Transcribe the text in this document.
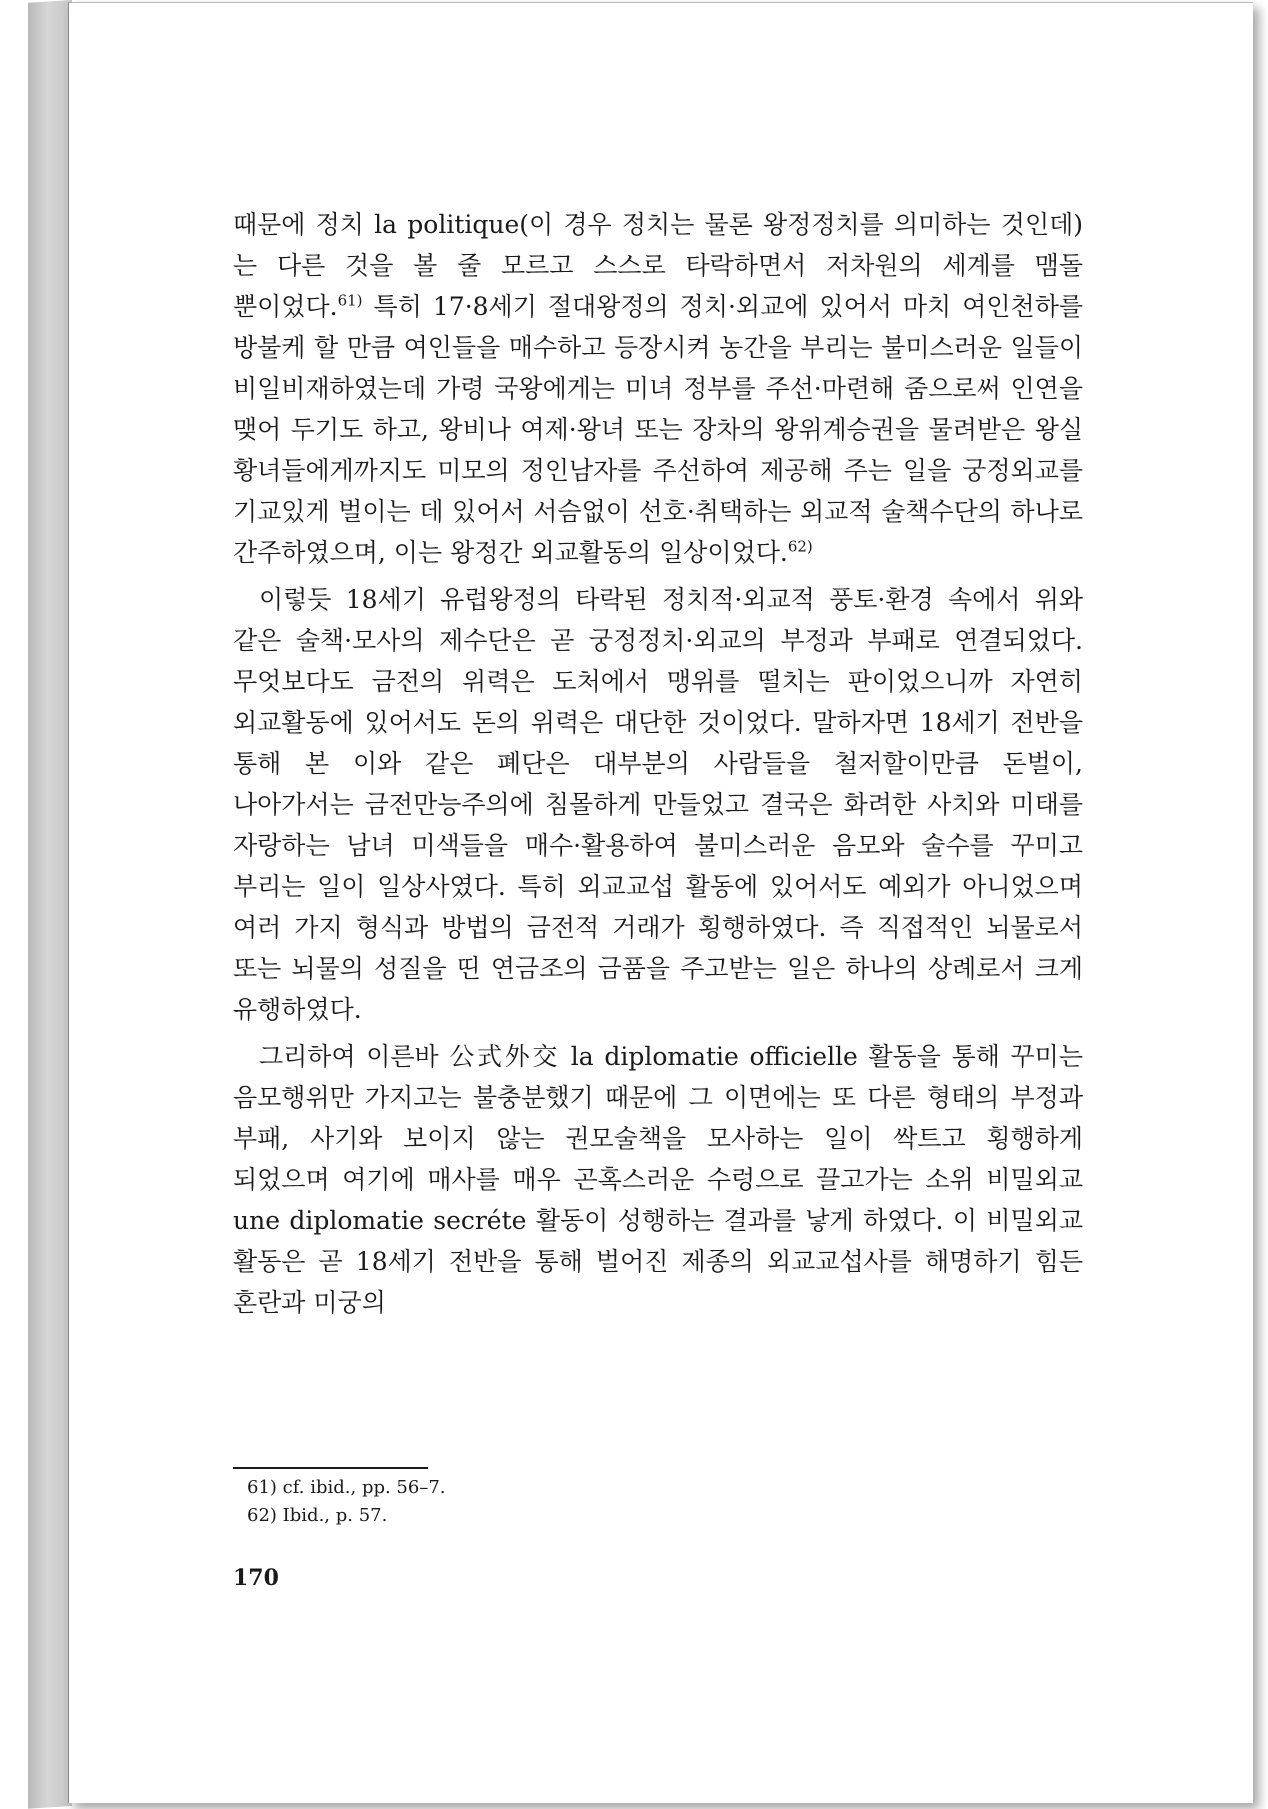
때문에 정치 la politique(이 경우 정치는 물론 왕정정치를 의미하는 것인데)는 다른 것을 볼 줄 모르고 스스로 타락하면서 저차원의 세계를 맴돌 뿐이었다.$^{61)}$ 특히 17·8세기 절대왕정의 정치·외교에 있어서 마치 여인천하를 방불케 할 만큼 여인들을 매수하고 등장시켜 농간을 부리는 불미스러운 일들이 비일비재하였는데 가령 국왕에게는 미녀 정부를 주선·마련해 줌으로써 인연을 맺어 두기도 하고, 왕비나 여제·왕녀 또는 장차의 왕위계승권을 물려받은 왕실 황녀들에게까지도 미모의 정인남자를 주선하여 제공해 주는 일을 궁정외교를 기교있게 벌이는 데 있어서 서슴없이 선호·취택하는 외교적 술책수단의 하나로 간주하였으며, 이는 왕정간 외교활동의 일상이었다.$^{62)}$

이렇듯 18세기 유럽왕정의 타락된 정치적·외교적 풍토·환경 속에서 위와 같은 술책·모사의 제수단은 곧 궁정정치·외교의 부정과 부패로 연결되었다. 무엇보다도 금전의 위력은 도처에서 맹위를 떨치는 판이었으니까 자연히 외교활동에 있어서도 돈의 위력은 대단한 것이었다. 말하자면 18세기 전반을 통해 본 이와 같은 폐단은 대부분의 사람들을 철저할이만큼 돈벌이, 나아가서는 금전만능주의에 침몰하게 만들었고 결국은 화려한 사치와 미태를 자랑하는 남녀 미색들을 매수·활용하여 불미스러운 음모와 술수를 꾸미고 부리는 일이 일상사였다. 특히 외교교섭 활동에 있어서도 예외가 아니었으며 여러 가지 형식과 방법의 금전적 거래가 횡행하였다. 즉 직접적인 뇌물로서 또는 뇌물의 성질을 띤 연금조의 금품을 주고받는 일은 하나의 상례로서 크게 유행하였다.

그리하여 이른바 公式外交 la diplomatie officielle 활동을 통해 꾸미는 음모행위만 가지고는 불충분했기 때문에 그 이면에는 또 다른 형태의 부정과 부패, 사기와 보이지 않는 권모술책을 모사하는 일이 싹트고 횡행하게 되었으며 여기에 매사를 매우 곤혹스러운 수렁으로 끌고가는 소위 비밀외교 une diplomatie secréte 활동이 성행하는 결과를 낳게 하였다. 이 비밀외교 활동은 곧 18세기 전반을 통해 벌어진 제종의 외교교섭사를 해명하기 힘든 혼란과 미궁의

61) cf. ibid., pp. 56–7.
62) Ibid., p. 57.
170
